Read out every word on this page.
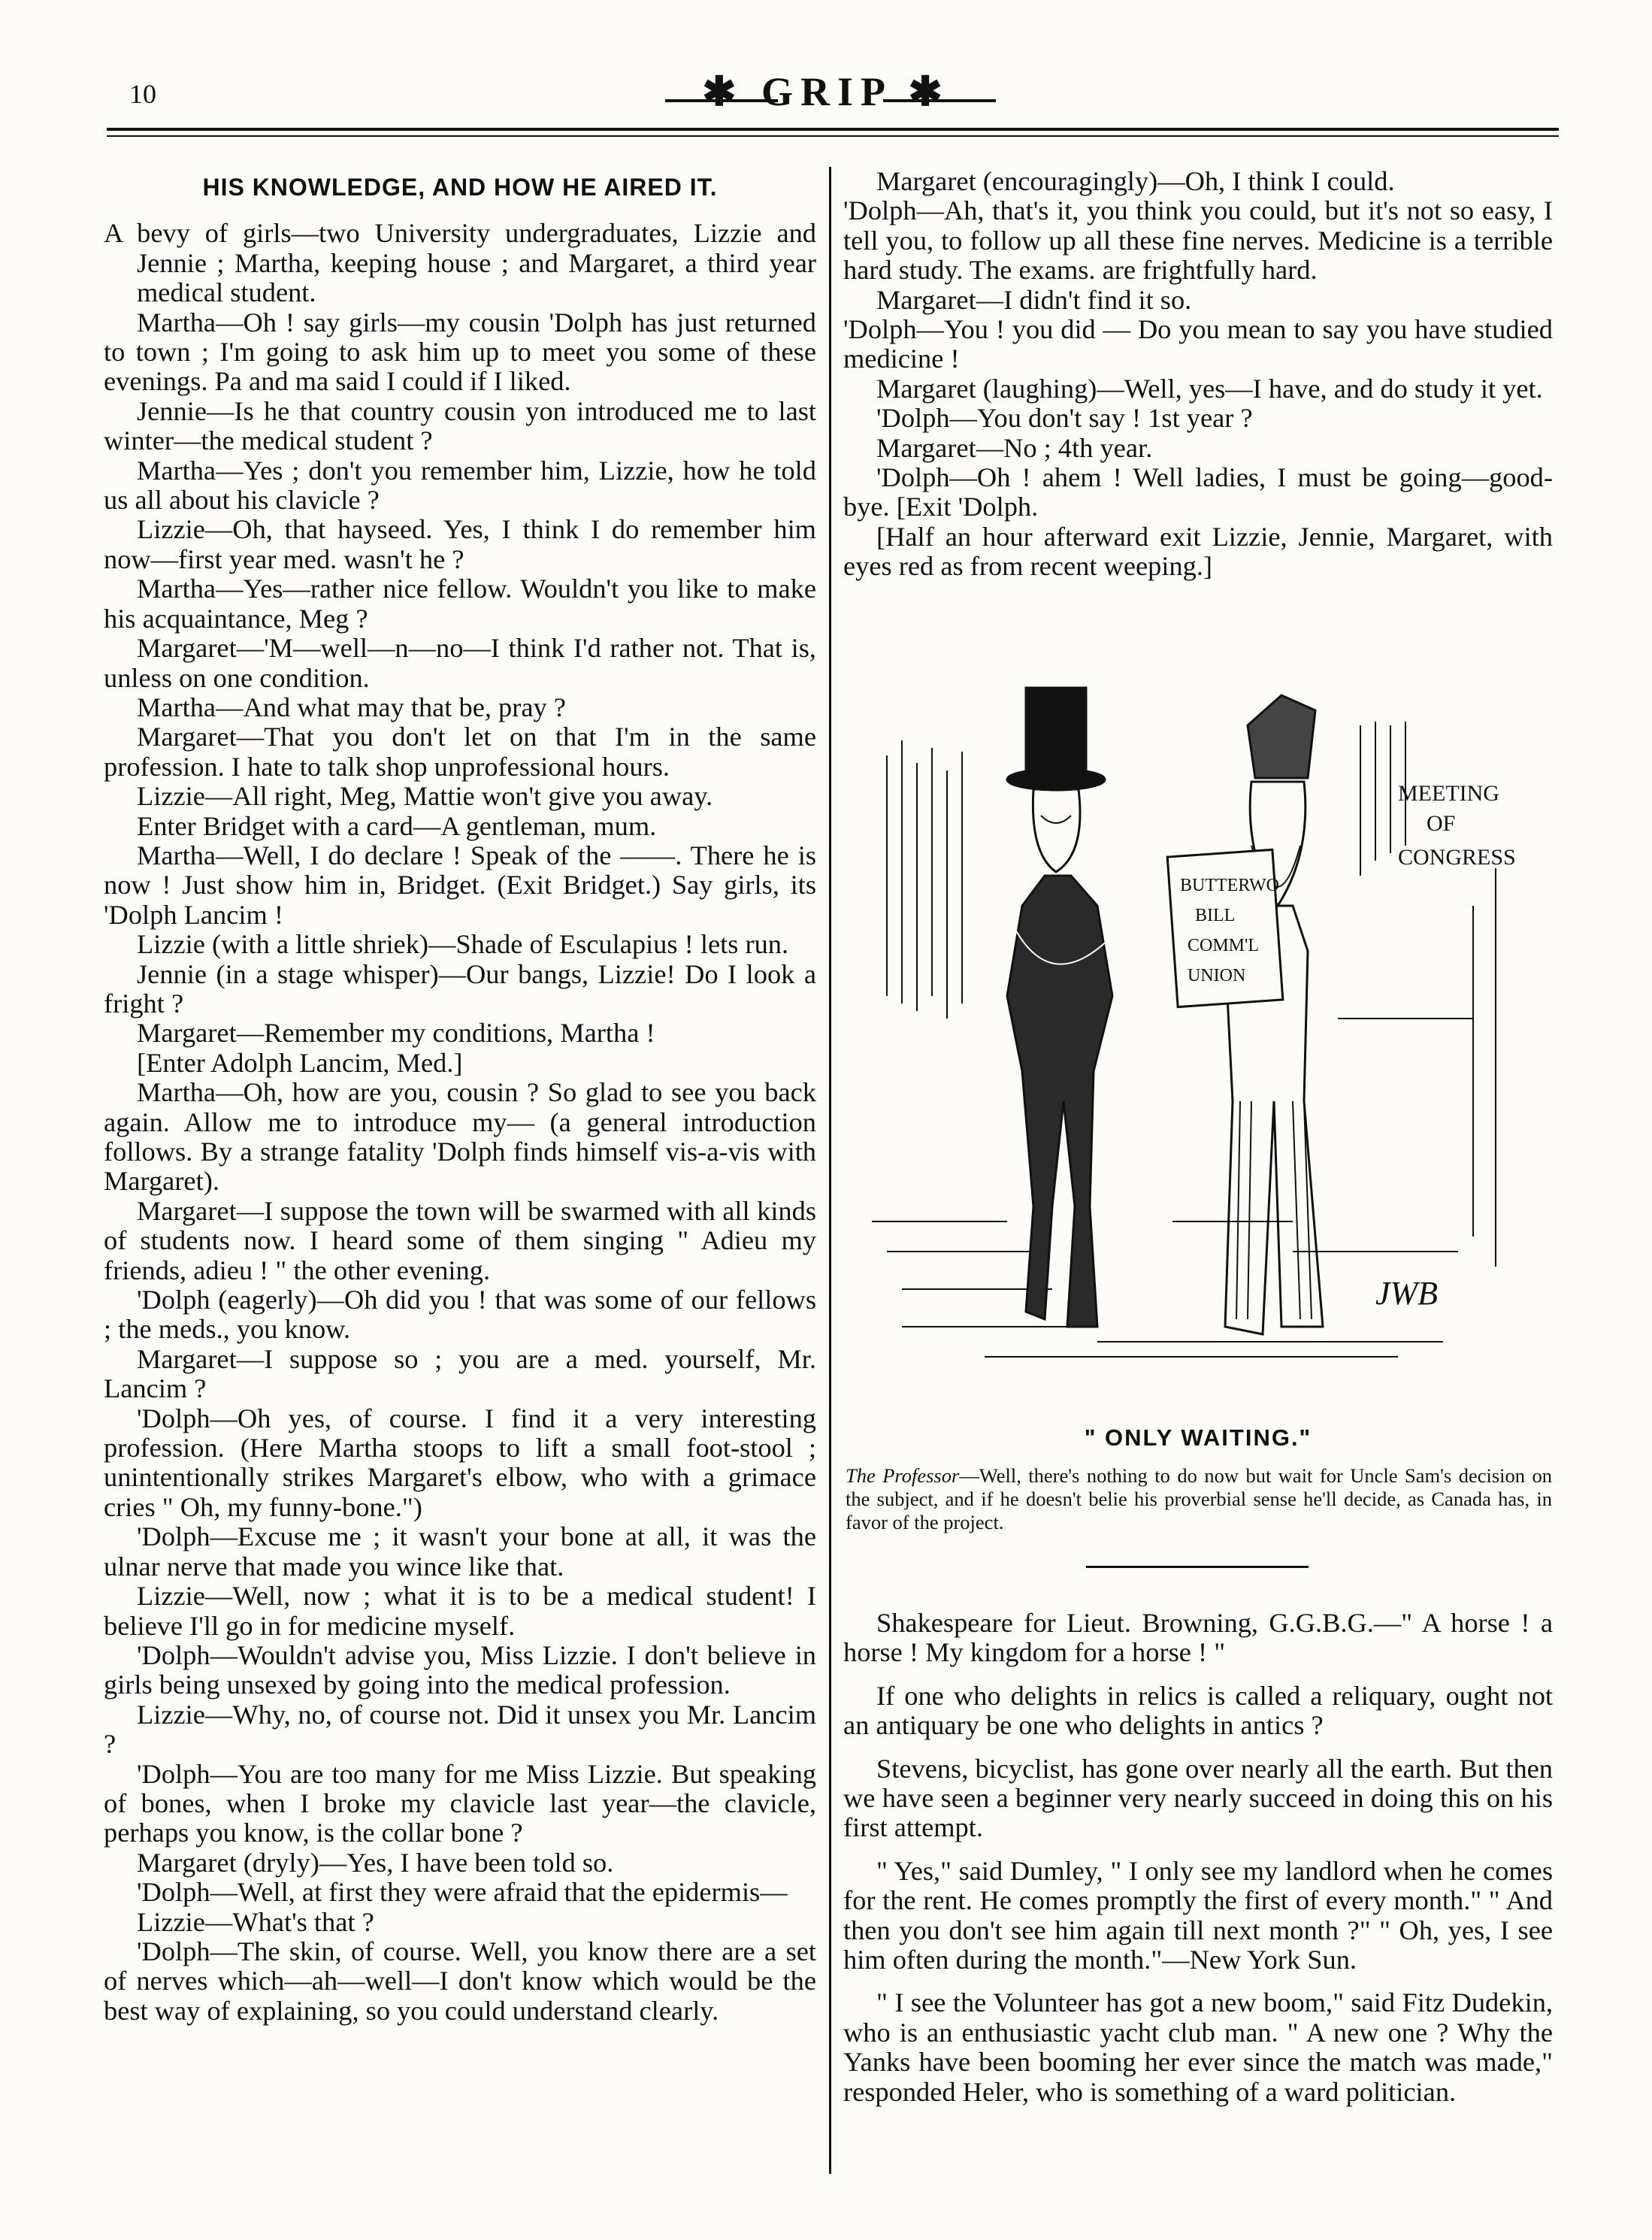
10	✱ GRIP ✱

HIS KNOWLEDGE, AND HOW HE AIRED IT.

A bevy of girls—two University undergraduates, Lizzie and Jennie ; Martha, keeping house ; and Margaret, a third year medical student.

Martha—Oh ! say girls—my cousin 'Dolph has just returned to town ; I'm going to ask him up to meet you some of these evenings. Pa and ma said I could if I liked.

Jennie—Is he that country cousin yon introduced me to last winter—the medical student ?

Martha—Yes ; don't you remember him, Lizzie, how he told us all about his clavicle ?

Lizzie—Oh, that hayseed. Yes, I think I do remember him now—first year med. wasn't he ?

Martha—Yes—rather nice fellow. Wouldn't you like to make his acquaintance, Meg ?

Margaret—'M—well—n—no—I think I'd rather not. That is, unless on one condition.

Martha—And what may that be, pray ?

Margaret—That you don't let on that I'm in the same profession. I hate to talk shop unprofessional hours.

Lizzie—All right, Meg, Mattie won't give you away.

Enter Bridget with a card—A gentleman, mum.

Martha—Well, I do declare ! Speak of the ——. There he is now ! Just show him in, Bridget. (Exit Bridget.) Say girls, its 'Dolph Lancim !

Lizzie (with a little shriek)—Shade of Esculapius ! lets run.

Jennie (in a stage whisper)—Our bangs, Lizzie! Do I look a fright ?

Margaret—Remember my conditions, Martha !

[Enter Adolph Lancim, Med.]

Martha—Oh, how are you, cousin ? So glad to see you back again. Allow me to introduce my— (a general introduction follows. By a strange fatality 'Dolph finds himself vis-a-vis with Margaret).

Margaret—I suppose the town will be swarmed with all kinds of students now. I heard some of them singing " Adieu my friends, adieu ! " the other evening.

'Dolph (eagerly)—Oh did you ! that was some of our fellows ; the meds., you know.

Margaret—I suppose so ; you are a med. yourself, Mr. Lancim ?

'Dolph—Oh yes, of course. I find it a very interesting profession. (Here Martha stoops to lift a small foot-stool ; unintentionally strikes Margaret's elbow, who with a grimace cries " Oh, my funny-bone.")

'Dolph—Excuse me ; it wasn't your bone at all, it was the ulnar nerve that made you wince like that.

Lizzie—Well, now ; what it is to be a medical student! I believe I'll go in for medicine myself.

'Dolph—Wouldn't advise you, Miss Lizzie. I don't believe in girls being unsexed by going into the medical profession.

Lizzie—Why, no, of course not. Did it unsex you Mr. Lancim ?

'Dolph—You are too many for me Miss Lizzie. But speaking of bones, when I broke my clavicle last year—the clavicle, perhaps you know, is the collar bone ?

Margaret (dryly)—Yes, I have been told so.

'Dolph—Well, at first they were afraid that the epidermis—

Lizzie—What's that ?

'Dolph—The skin, of course. Well, you know there are a set of nerves which—ah—well—I don't know which would be the best way of explaining, so you could understand clearly.

Margaret (encouragingly)—Oh, I think I could.

'Dolph—Ah, that's it, you think you could, but it's not so easy, I tell you, to follow up all these fine nerves. Medicine is a terrible hard study. The exams. are frightfully hard.

Margaret—I didn't find it so.

'Dolph—You ! you did — Do you mean to say you have studied medicine !

Margaret (laughing)—Well, yes—I have, and do study it yet.

'Dolph—You don't say ! 1st year ?

Margaret—No ; 4th year.

'Dolph—Oh ! ahem ! Well ladies, I must be going—good-bye. [Exit 'Dolph.

[Half an hour afterward exit Lizzie, Jennie, Margaret, with eyes red as from recent weeping.]

MEETING
OF
CONGRESS
BUTTERWO
BILL
COMM'L
UNION
JWB
" ONLY WAITING."

The Professor—Well, there's nothing to do now but wait for Uncle Sam's decision on the subject, and if he doesn't belie his proverbial sense he'll decide, as Canada has, in favor of the project.

Shakespeare for Lieut. Browning, G.G.B.G.—" A horse ! a horse ! My kingdom for a horse ! "

If one who delights in relics is called a reliquary, ought not an antiquary be one who delights in antics ?

Stevens, bicyclist, has gone over nearly all the earth. But then we have seen a beginner very nearly succeed in doing this on his first attempt.

" Yes," said Dumley, " I only see my landlord when he comes for the rent. He comes promptly the first of every month." " And then you don't see him again till next month ?" " Oh, yes, I see him often during the month."—New York Sun.

" I see the Volunteer has got a new boom," said Fitz Dudekin, who is an enthusiastic yacht club man. " A new one ? Why the Yanks have been booming her ever since the match was made," responded Heler, who is something of a ward politician.
